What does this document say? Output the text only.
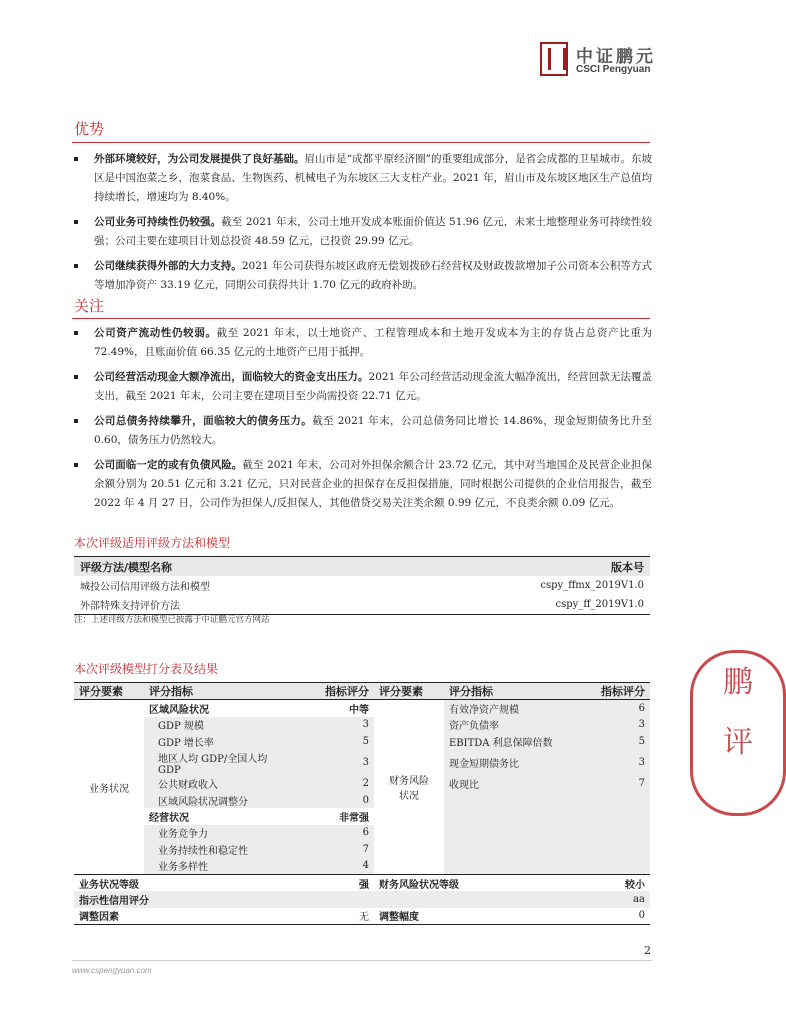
中证鹏元
CSCI Pengyuan
优势
外部环境较好，为公司发展提供了良好基础。眉山市是“成都平原经济圈”的重要组成部分，是省会成都的卫星城市。东坡区是中国泡菜之乡，泡菜食品、生物医药、机械电子为东坡区三大支柱产业。2021 年，眉山市及东坡区地区生产总值均持续增长，增速均为 8.40%。
公司业务可持续性仍较强。截至 2021 年末，公司土地开发成本账面价值达 51.96 亿元，未来土地整理业务可持续性较强；公司主要在建项目计划总投资 48.59 亿元，已投资 29.99 亿元。
公司继续获得外部的大力支持。2021 年公司获得东坡区政府无偿划拨砂石经营权及财政拨款增加子公司资本公积等方式等增加净资产 33.19 亿元，同期公司获得共计 1.70 亿元的政府补助。
关注
公司资产流动性仍较弱。截至 2021 年末，以土地资产、工程管理成本和土地开发成本为主的存货占总资产比重为 72.49%，且账面价值 66.35 亿元的土地资产已用于抵押。
公司经营活动现金大额净流出，面临较大的资金支出压力。2021 年公司经营活动现金流大幅净流出，经营回款无法覆盖支出，截至 2021 年末，公司主要在建项目至少尚需投资 22.71 亿元。
公司总债务持续攀升，面临较大的债务压力。截至 2021 年末，公司总债务同比增长 14.86%，现金短期债务比升至 0.60，债务压力仍然较大。
公司面临一定的或有负债风险。截至 2021 年末，公司对外担保余额合计 23.72 亿元，其中对当地国企及民营企业担保余额分别为 20.51 亿元和 3.21 亿元，只对民营企业的担保存在反担保措施，同时根据公司提供的企业信用报告，截至 2022 年 4 月 27 日，公司作为担保人/反担保人，其他借贷交易关注类余额 0.99 亿元，不良类余额 0.09 亿元。
本次评级适用评级方法和模型
评级方法/模型名称	版本号
城投公司信用评级方法和模型	cspy_ffmx_2019V1.0
外部特殊支持评价方法	cspy_ff_2019V1.0
注：上述评级方法和模型已披露于中证鹏元官方网站
本次评级模型打分表及结果
评分要素	评分指标	指标评分	评分要素	评分指标	指标评分
业务状况	区域风险状况	中等	财务风险状况	有效净资产规模	6
	GDP 规模	3		资产负债率	3
	GDP 增长率	5		EBITDA 利息保障倍数	5
	地区人均 GDP/全国人均 GDP	3		现金短期债务比	3
	公共财政收入	2		收现比	7
	区域风险状况调整分	0			
	经营状况	非常强			
	业务竞争力	6			
	业务持续性和稳定性	7			
	业务多样性	4			
业务状况等级		强	财务风险状况等级		较小
指示性信用评分					aa
调整因素		无	调整幅度		0
鹏
评
2
www.cspengyuan.com
